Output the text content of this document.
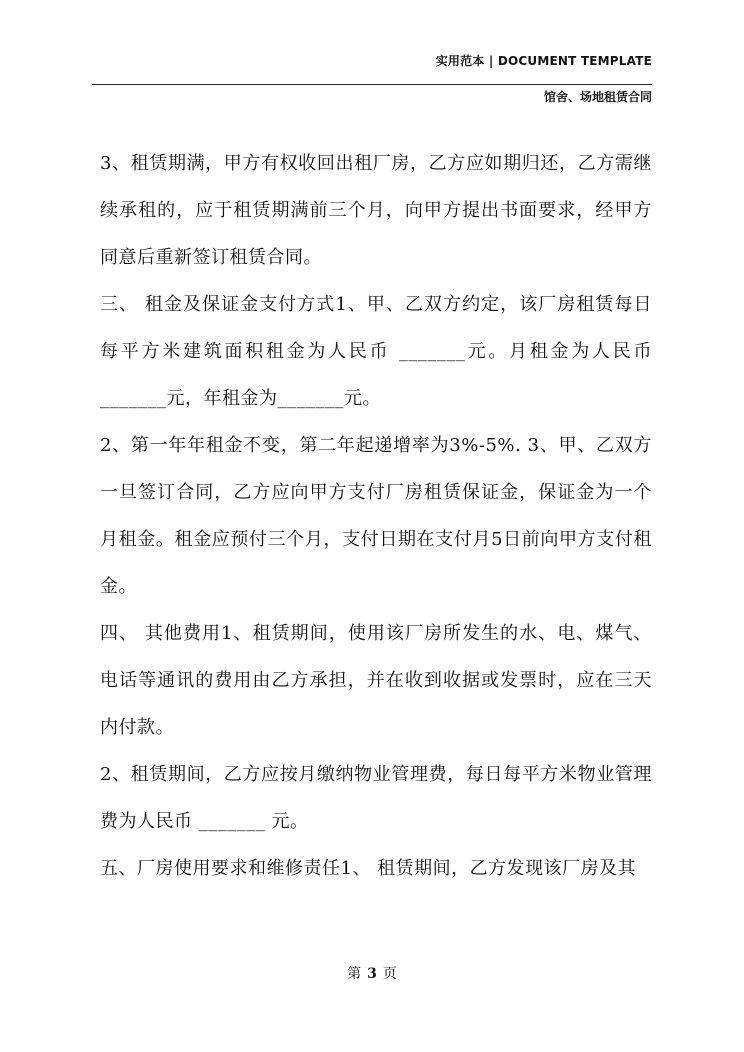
实用范本 | DOCUMENT TEMPLATE
馆舍、场地租赁合同

3、租赁期满，甲方有权收回出租厂房，乙方应如期归还，乙方需继续承租的，应于租赁期满前三个月，向甲方提出书面要求，经甲方同意后重新签订租赁合同。

三、 租金及保证金支付方式1、甲、乙双方约定，该厂房租赁每日每平方米建筑面积租金为人民币 _______元。月租金为人民币_______元，年租金为_______元。

2、第一年年租金不变，第二年起递增率为3%-5%. 3、甲、乙双方一旦签订合同，乙方应向甲方支付厂房租赁保证金，保证金为一个月租金。租金应预付三个月，支付日期在支付月5日前向甲方支付租金。

四、 其他费用1、租赁期间，使用该厂房所发生的水、电、煤气、电话等通讯的费用由乙方承担，并在收到收据或发票时，应在三天内付款。

2、租赁期间，乙方应按月缴纳物业管理费，每日每平方米物业管理费为人民币 _______ 元。

五、厂房使用要求和维修责任1、 租赁期间，乙方发现该厂房及其

第 3 页
